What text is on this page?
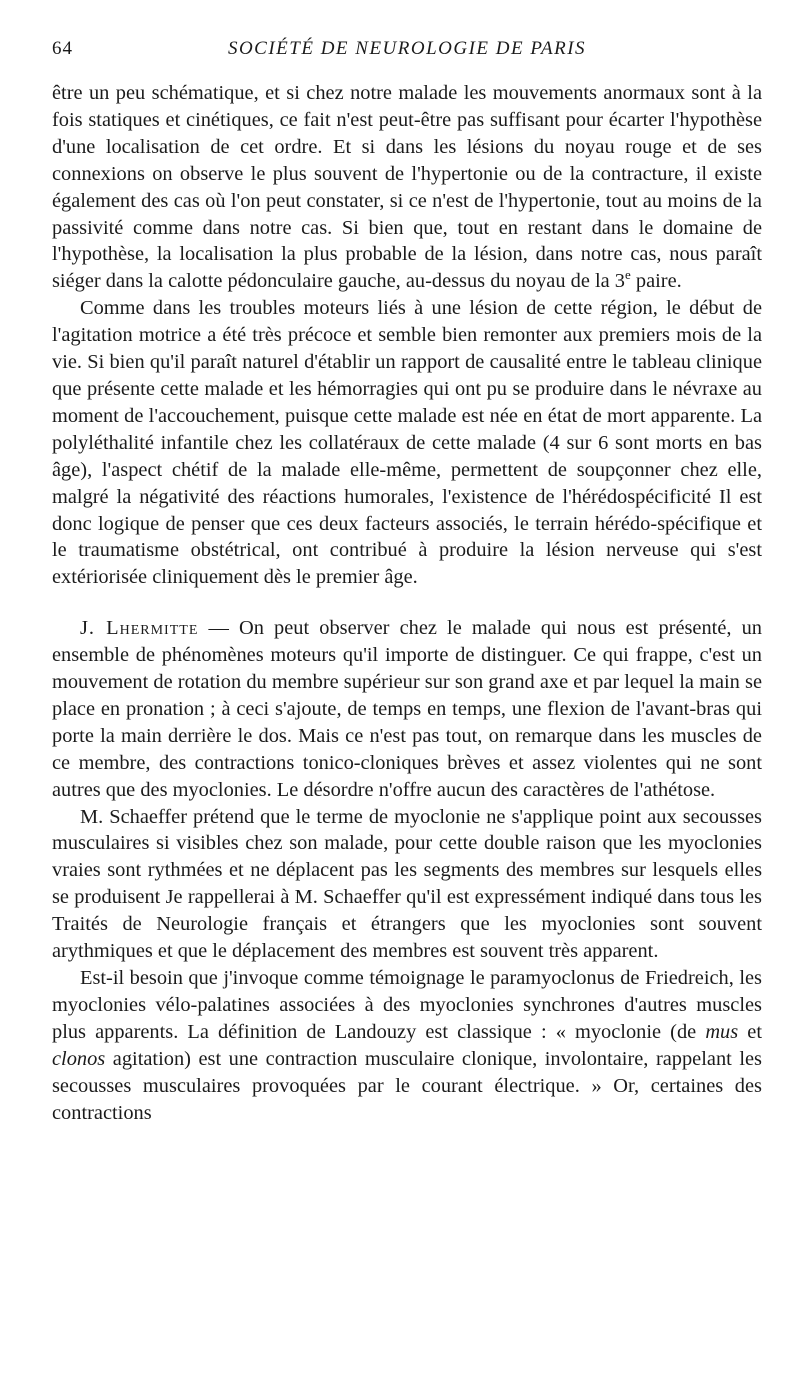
64	SOCIÉTÉ DE NEUROLOGIE DE PARIS

être un peu schématique, et si chez notre malade les mouvements anormaux sont à la fois statiques et cinétiques, ce fait n'est peut-être pas suffisant pour écarter l'hypothèse d'une localisation de cet ordre. Et si dans les lésions du noyau rouge et de ses connexions on observe le plus souvent de l'hypertonie ou de la contracture, il existe également des cas où l'on peut constater, si ce n'est de l'hypertonie, tout au moins de la passivité comme dans notre cas. Si bien que, tout en restant dans le domaine de l'hypothèse, la localisation la plus probable de la lésion, dans notre cas, nous paraît siéger dans la calotte pédonculaire gauche, au-dessus du noyau de la 3e paire.

Comme dans les troubles moteurs liés à une lésion de cette région, le début de l'agitation motrice a été très précoce et semble bien remonter aux premiers mois de la vie. Si bien qu'il paraît naturel d'établir un rapport de causalité entre le tableau clinique que présente cette malade et les hémorragies qui ont pu se produire dans le névraxe au moment de l'accouchement, puisque cette malade est née en état de mort apparente. La polyléthalité infantile chez les collatéraux de cette malade (4 sur 6 sont morts en bas âge), l'aspect chétif de la malade elle-même, permettent de soupçonner chez elle, malgré la négativité des réactions humorales, l'existence de l'hérédospécificité Il est donc logique de penser que ces deux facteurs associés, le terrain hérédo-spécifique et le traumatisme obstétrical, ont contribué à produire la lésion nerveuse qui s'est extériorisée cliniquement dès le premier âge.

J. Lhermitte — On peut observer chez le malade qui nous est présenté, un ensemble de phénomènes moteurs qu'il importe de distinguer. Ce qui frappe, c'est un mouvement de rotation du membre supérieur sur son grand axe et par lequel la main se place en pronation ; à ceci s'ajoute, de temps en temps, une flexion de l'avant-bras qui porte la main derrière le dos. Mais ce n'est pas tout, on remarque dans les muscles de ce membre, des contractions tonico-cloniques brèves et assez violentes qui ne sont autres que des myoclonies. Le désordre n'offre aucun des caractères de l'athétose.

M. Schaeffer prétend que le terme de myoclonie ne s'applique point aux secousses musculaires si visibles chez son malade, pour cette double raison que les myoclonies vraies sont rythmées et ne déplacent pas les segments des membres sur lesquels elles se produisent Je rappellerai à M. Schaeffer qu'il est expressément indiqué dans tous les Traités de Neurologie français et étrangers que les myoclonies sont souvent arythmiques et que le déplacement des membres est souvent très apparent.

Est-il besoin que j'invoque comme témoignage le paramyoclonus de Friedreich, les myoclonies vélo-palatines associées à des myoclonies synchrones d'autres muscles plus apparents. La définition de Landouzy est classique : « myoclonie (de mus et clonos agitation) est une contraction musculaire clonique, involontaire, rappelant les secousses musculaires provoquées par le courant électrique. » Or, certaines des contractions
